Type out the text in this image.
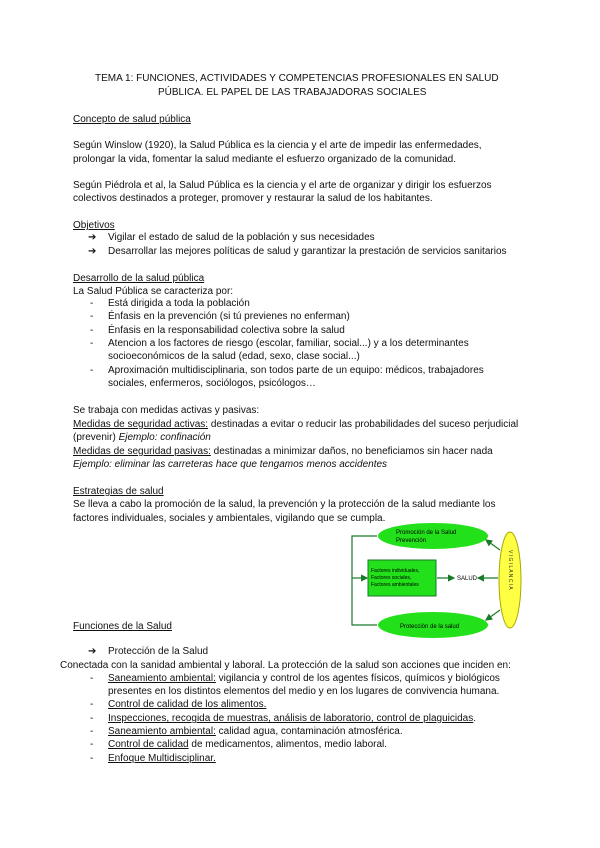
TEMA 1: FUNCIONES, ACTIVIDADES Y COMPETENCIAS PROFESIONALES EN SALUD
PÚBLICA. EL PAPEL DE LAS TRABAJADORAS SOCIALES
Concepto de salud pública
Según Winslow (1920), la Salud Pública es la ciencia y el arte de impedir las enfermedades,
prolongar la vida, fomentar la salud mediante el esfuerzo organizado de la comunidad.
Según Piédrola et al, la Salud Pública es la ciencia y el arte de organizar y dirigir los esfuerzos
colectivos destinados a proteger, promover y restaurar la salud de los habitantes.
Objetivos
➔ Vigilar el estado de salud de la población y sus necesidades
➔ Desarrollar las mejores políticas de salud y garantizar la prestación de servicios sanitarios
Desarrollo de la salud pública
La Salud Pública se caracteriza por:
- Está dirigida a toda la población
- Énfasis en la prevención (si tú previenes no enferman)
- Énfasis en la responsabilidad colectiva sobre la salud
- Atencion a los factores de riesgo (escolar, familiar, social...) y a los determinantes
socioeconómicos de la salud (edad, sexo, clase social...)
- Aproximación multidisciplinaria, son todos parte de un equipo: médicos, trabajadores
sociales, enfermeros, sociólogos, psicólogos…
Se trabaja con medidas activas y pasivas:
Medidas de seguridad activas: destinadas a evitar o reducir las probabilidades del suceso perjudicial
(prevenir) Ejemplo: confinación
Medidas de seguridad pasivas: destinadas a minimizar daños, no beneficiamos sin hacer nada
Ejemplo: eliminar las carreteras hace que tengamos menos accidentes
Estrategias de salud
Se lleva a cabo la promoción de la salud, la prevención y la protección de la salud mediante los
factores individuales, sociales y ambientales, vigilando que se cumpla.
Promoción de la Salud
Prevención
Factores individuales,
Factores sociales,
Factores ambientales
SALUD
Protección de la salud
V I G I L A N C I A
Funciones de la Salud
➔ Protección de la Salud
Conectada con la sanidad ambiental y laboral. La protección de la salud son acciones que inciden en:
- Saneamiento ambiental: vigilancia y control de los agentes físicos, químicos y biológicos
presentes en los distintos elementos del medio y en los lugares de convivencia humana.
- Control de calidad de los alimentos.
- Inspecciones, recogida de muestras, análisis de laboratorio, control de plaguicidas.
- Saneamiento ambiental: calidad agua, contaminación atmosférica.
- Control de calidad de medicamentos, alimentos, medio laboral.
- Enfoque Multidisciplinar.
